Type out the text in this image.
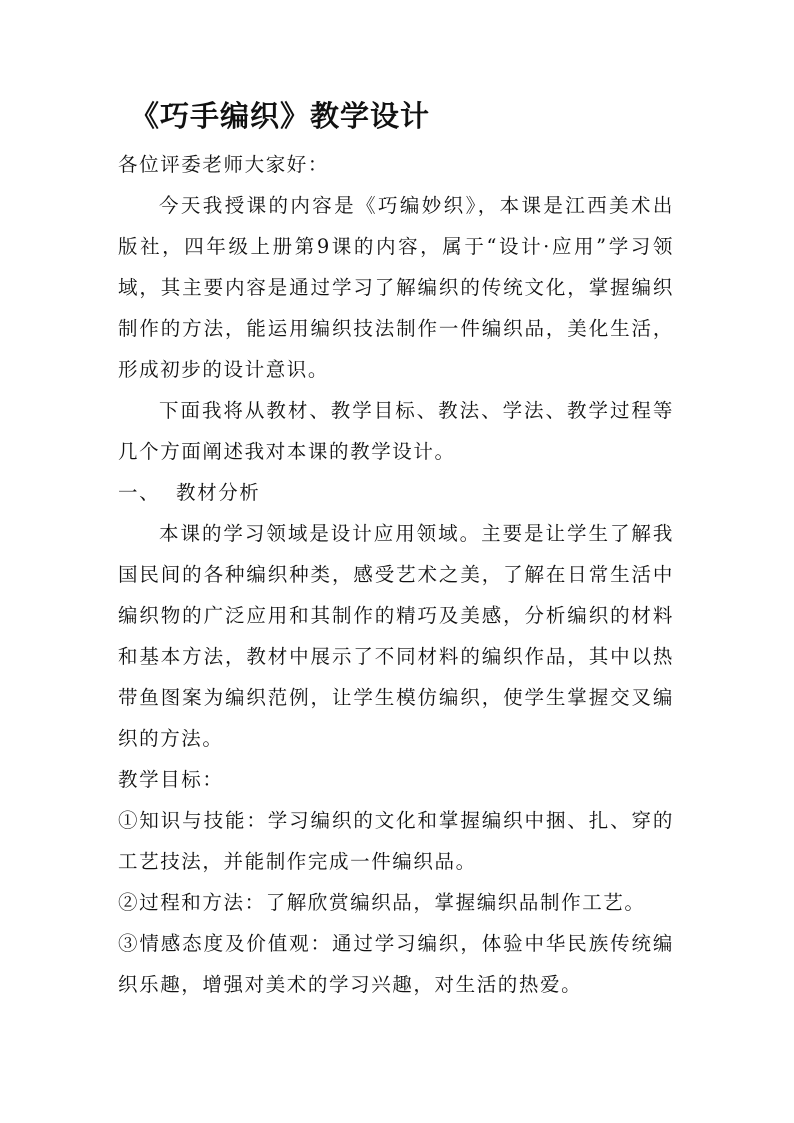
《巧手编织》教学设计

各位评委老师大家好：

今天我授课的内容是《巧编妙织》，本课是江西美术出版社，四年级上册第9课的内容，属于“设计·应用”学习领域，其主要内容是通过学习了解编织的传统文化，掌握编织制作的方法，能运用编织技法制作一件编织品，美化生活，形成初步的设计意识。

下面我将从教材、教学目标、教法、学法、教学过程等几个方面阐述我对本课的教学设计。

一、 教材分析

本课的学习领域是设计应用领域。主要是让学生了解我国民间的各种编织种类，感受艺术之美，了解在日常生活中编织物的广泛应用和其制作的精巧及美感，分析编织的材料和基本方法，教材中展示了不同材料的编织作品，其中以热带鱼图案为编织范例，让学生模仿编织，使学生掌握交叉编织的方法。

教学目标：

①知识与技能：学习编织的文化和掌握编织中捆、扎、穿的工艺技法，并能制作完成一件编织品。

②过程和方法：了解欣赏编织品，掌握编织品制作工艺。

③情感态度及价值观：通过学习编织，体验中华民族传统编织乐趣，增强对美术的学习兴趣，对生活的热爱。
